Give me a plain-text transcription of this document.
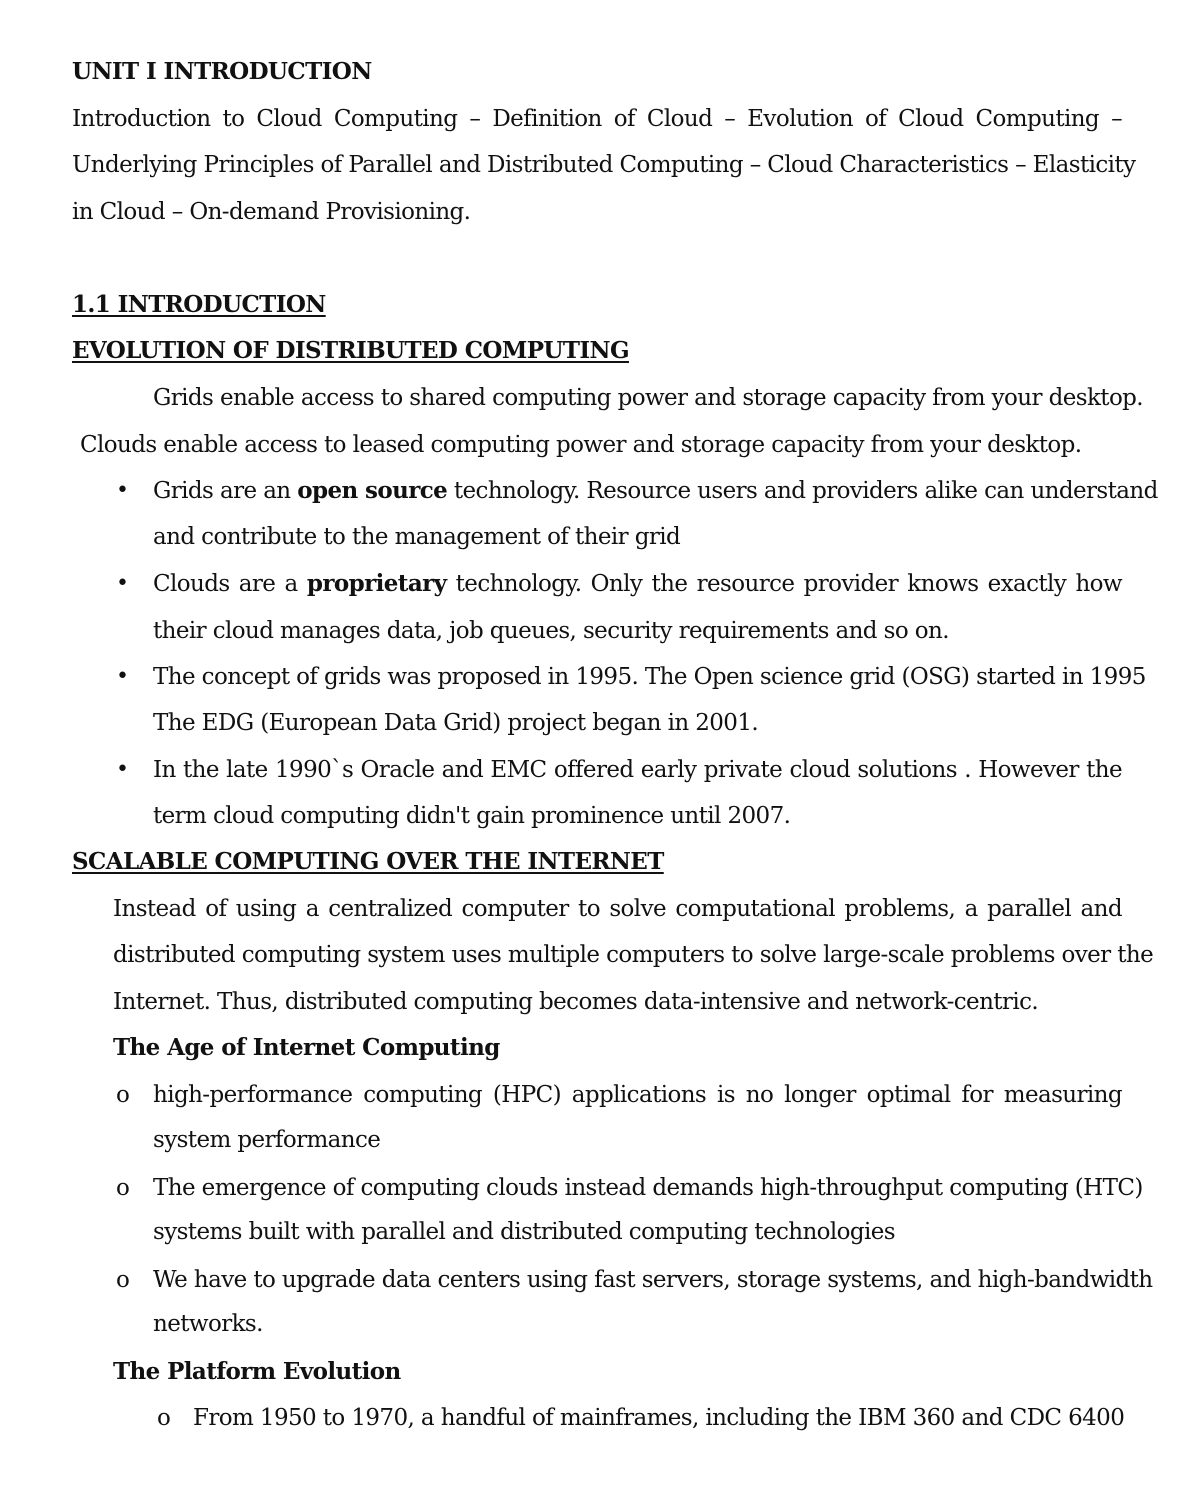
UNIT I INTRODUCTION
Introduction to Cloud Computing – Definition of Cloud – Evolution of Cloud Computing –
Underlying Principles of Parallel and Distributed Computing – Cloud Characteristics – Elasticity
in Cloud – On-demand Provisioning.
1.1 INTRODUCTION
EVOLUTION OF DISTRIBUTED COMPUTING
Grids enable access to shared computing power and storage capacity from your desktop.
Clouds enable access to leased computing power and storage capacity from your desktop.
• Grids are an open source technology. Resource users and providers alike can understand
and contribute to the management of their grid
• Clouds are a proprietary technology. Only the resource provider knows exactly how
their cloud manages data, job queues, security requirements and so on.
• The concept of grids was proposed in 1995. The Open science grid (OSG) started in 1995
The EDG (European Data Grid) project began in 2001.
• In the late 1990`s Oracle and EMC offered early private cloud solutions . However the
term cloud computing didn't gain prominence until 2007.
SCALABLE COMPUTING OVER THE INTERNET
Instead of using a centralized computer to solve computational problems, a parallel and
distributed computing system uses multiple computers to solve large-scale problems over the
Internet. Thus, distributed computing becomes data-intensive and network-centric.
The Age of Internet Computing
o high-performance computing (HPC) applications is no longer optimal for measuring
system performance
o The emergence of computing clouds instead demands high-throughput computing (HTC)
systems built with parallel and distributed computing technologies
o We have to upgrade data centers using fast servers, storage systems, and high-bandwidth
networks.
The Platform Evolution
o From 1950 to 1970, a handful of mainframes, including the IBM 360 and CDC 6400
